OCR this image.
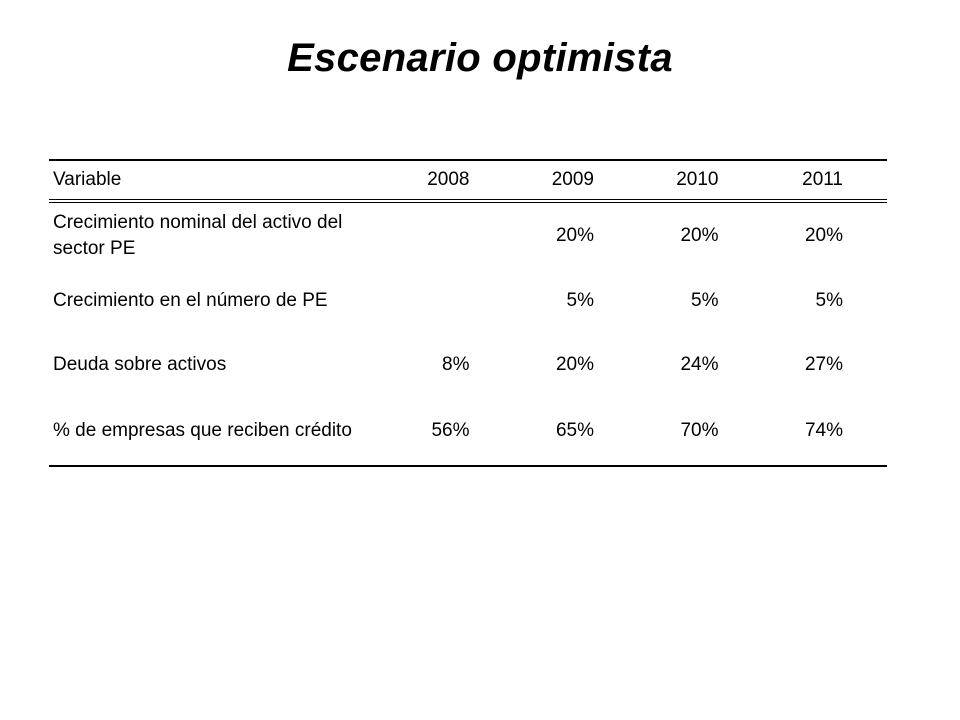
Escenario optimista
Variable	2008	2009	2010	2011
Crecimiento nominal del activo del sector PE		20%	20%	20%
Crecimiento en el número de PE		5%	5%	5%
Deuda sobre activos	8%	20%	24%	27%
% de empresas que reciben crédito	56%	65%	70%	74%
